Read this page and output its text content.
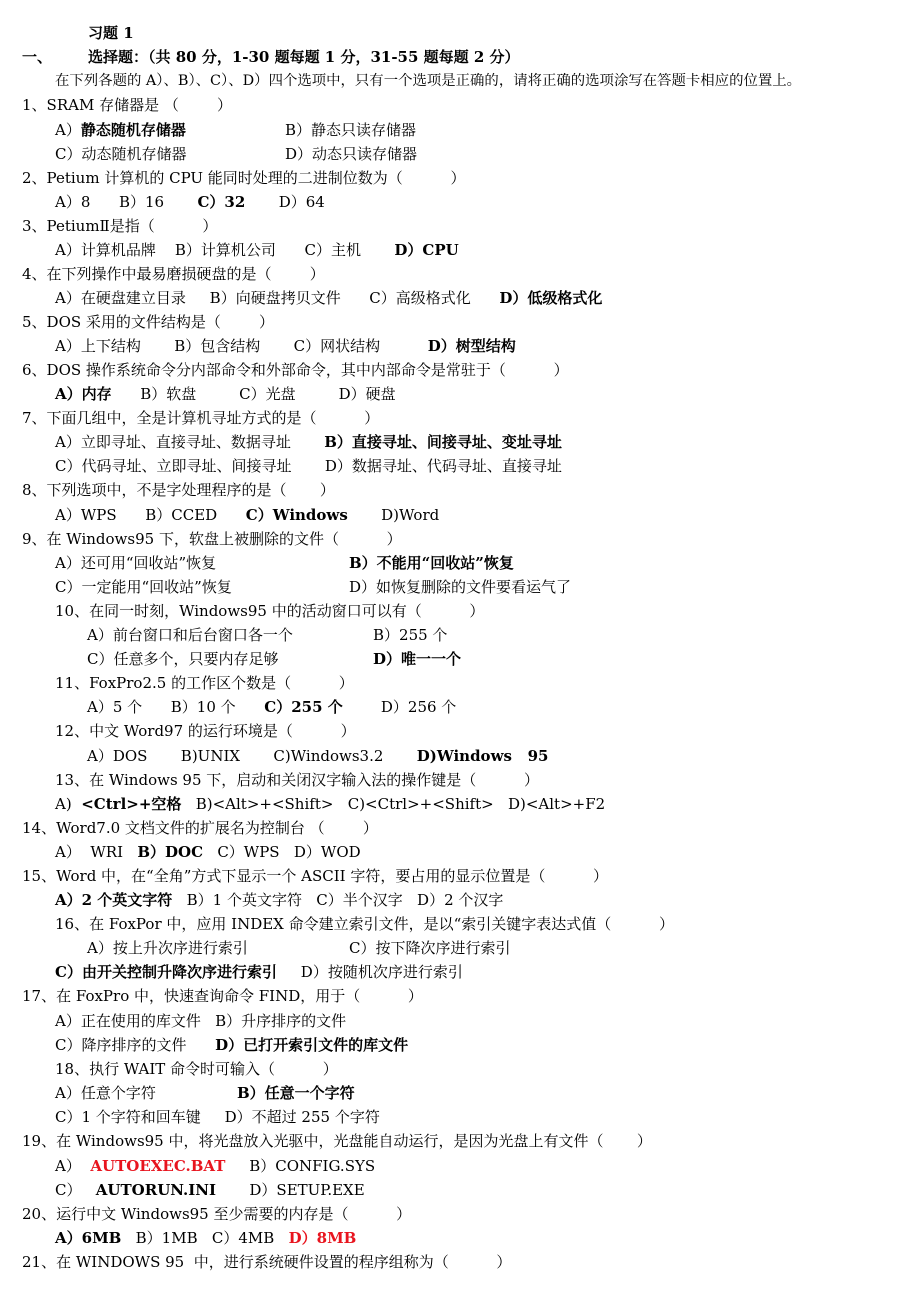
习题 1
一、 选择题：（共 80 分，1-30 题每题 1 分，31-55 题每题 2 分）
在下列各题的 A）、B）、C）、D）四个选项中，只有一个选项是正确的，请将正确的选项涂写在答题卡相应的位置上。
1、SRAM 存储器是 （        ）
A）静态随机存储器	B）静态只读存储器
C）动态随机存储器	D）动态只读存储器
2、Petium 计算机的 CPU 能同时处理的二进制位数为（          ）
A）8      B）16       C）32       D）64
3、PetiumⅡ是指（          ）
A）计算机品牌    B）计算机公司      C）主机       D）CPU
4、在下列操作中最易磨损硬盘的是（        ）
A）在硬盘建立目录     B）向硬盘拷贝文件      C）高级格式化      D）低级格式化
5、DOS 采用的文件结构是（        ）
A）上下结构       B）包含结构       C）网状结构          D）树型结构
6、DOS 操作系统命令分内部命令和外部命令，其中内部命令是常驻于（          ）
A）内存      B）软盘         C）光盘         D）硬盘
7、下面几组中，全是计算机寻址方式的是（          ）
A）立即寻址、直接寻址、数据寻址       B）直接寻址、间接寻址、变址寻址
C）代码寻址、立即寻址、间接寻址       D）数据寻址、代码寻址、直接寻址
8、下列选项中，不是字处理程序的是（       ）
A）WPS      B）CCED      C）Windows       D)Word
9、在 Windows95 下，软盘上被删除的文件（          ）
A）还可用“回收站”恢复	B）不能用“回收站”恢复
C）一定能用“回收站”恢复	D）如恢复删除的文件要看运气了
10、在同一时刻，Windows95 中的活动窗口可以有（          ）
A）前台窗口和后台窗口各一个	B）255 个
C）任意多个，只要内存足够	D）唯一一个
11、FoxPro2.5 的工作区个数是（          ）
A）5 个      B）10 个      C）255 个        D）256 个
12、中文 Word97 的运行环境是（          ）
A）DOS       B)UNIX       C)Windows3.2       D)Windows   95
13、在 Windows 95 下，启动和关闭汉字输入法的操作键是（          ）
A)  <Ctrl>+空格   B)<Alt>+<Shift>   C)<Ctrl>+<Shift>   D)<Alt>+F2
14、Word7.0 文档文件的扩展名为控制台 （        ）
A）  WRI   B）DOC   C）WPS   D）WOD
15、Word 中，在“全角”方式下显示一个 ASCII 字符，要占用的显示位置是（          ）
A）2 个英文字符   B）1 个英文字符   C）半个汉字   D）2 个汉字
16、在 FoxPor 中，应用 INDEX 命令建立索引文件，是以“索引关键字表达式值（          ）
A）按上升次序进行索引	C）按下降次序进行索引
C）由开关控制升降次序进行索引     D）按随机次序进行索引
17、在 FoxPro 中，快速查询命令 FIND，用于（          ）
A）正在使用的库文件   B）升序排序的文件
C）降序排序的文件      D）已打开索引文件的库文件
18、执行 WAIT 命令时可输入（          ）
A）任意个字符	B）任意一个字符
C）1 个字符和回车键     D）不超过 255 个字符
19、在 Windows95 中，将光盘放入光驱中，光盘能自动运行，是因为光盘上有文件（       ）
A）  AUTOEXEC.BAT     B）CONFIG.SYS
C）   AUTORUN.INI       D）SETUP.EXE
20、运行中文 Windows95 至少需要的内存是（          ）
A）6MB   B）1MB   C）4MB   D）8MB
21、在 WINDOWS 95  中，进行系统硬件设置的程序组称为（          ）
